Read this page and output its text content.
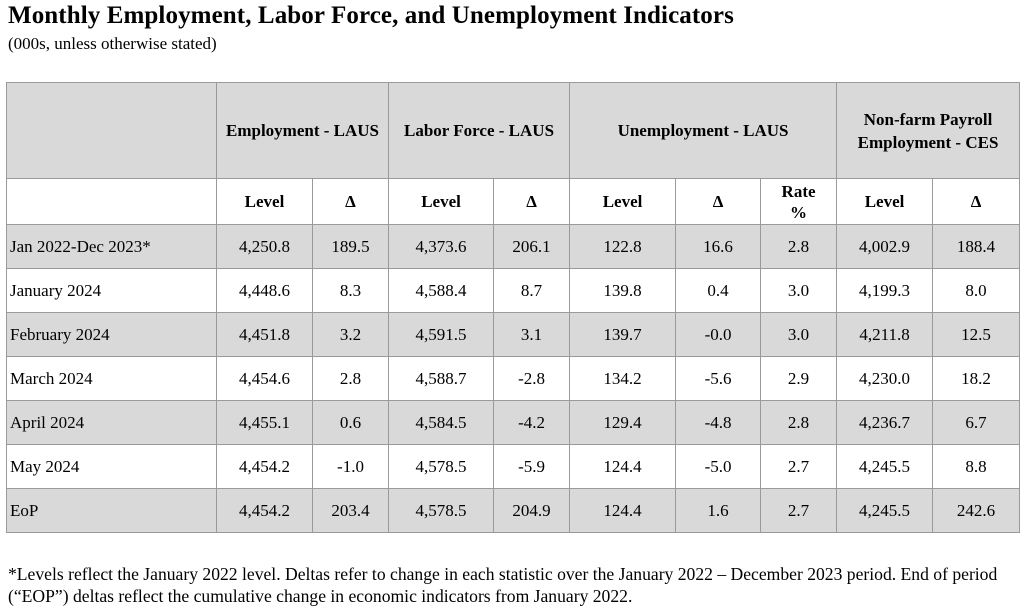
Monthly Employment, Labor Force, and Unemployment Indicators
(000s, unless otherwise stated)
	Employment - LAUS		Labor Force - LAUS		Unemployment - LAUS			Non-farm Payroll Employment - CES	
	Level	Δ	Level	Δ	Level	Δ	Rate %	Level	Δ
Jan 2022-Dec 2023*	4,250.8	189.5	4,373.6	206.1	122.8	16.6	2.8	4,002.9	188.4
January 2024	4,448.6	8.3	4,588.4	8.7	139.8	0.4	3.0	4,199.3	8.0
February 2024	4,451.8	3.2	4,591.5	3.1	139.7	-0.0	3.0	4,211.8	12.5
March 2024	4,454.6	2.8	4,588.7	-2.8	134.2	-5.6	2.9	4,230.0	18.2
April 2024	4,455.1	0.6	4,584.5	-4.2	129.4	-4.8	2.8	4,236.7	6.7
May 2024	4,454.2	-1.0	4,578.5	-5.9	124.4	-5.0	2.7	4,245.5	8.8
EoP	4,454.2	203.4	4,578.5	204.9	124.4	1.6	2.7	4,245.5	242.6

*Levels reflect the January 2022 level. Deltas refer to change in each statistic over the January 2022 – December 2023 period. End of period (“EOP”) deltas reflect the cumulative change in economic indicators from January 2022.
